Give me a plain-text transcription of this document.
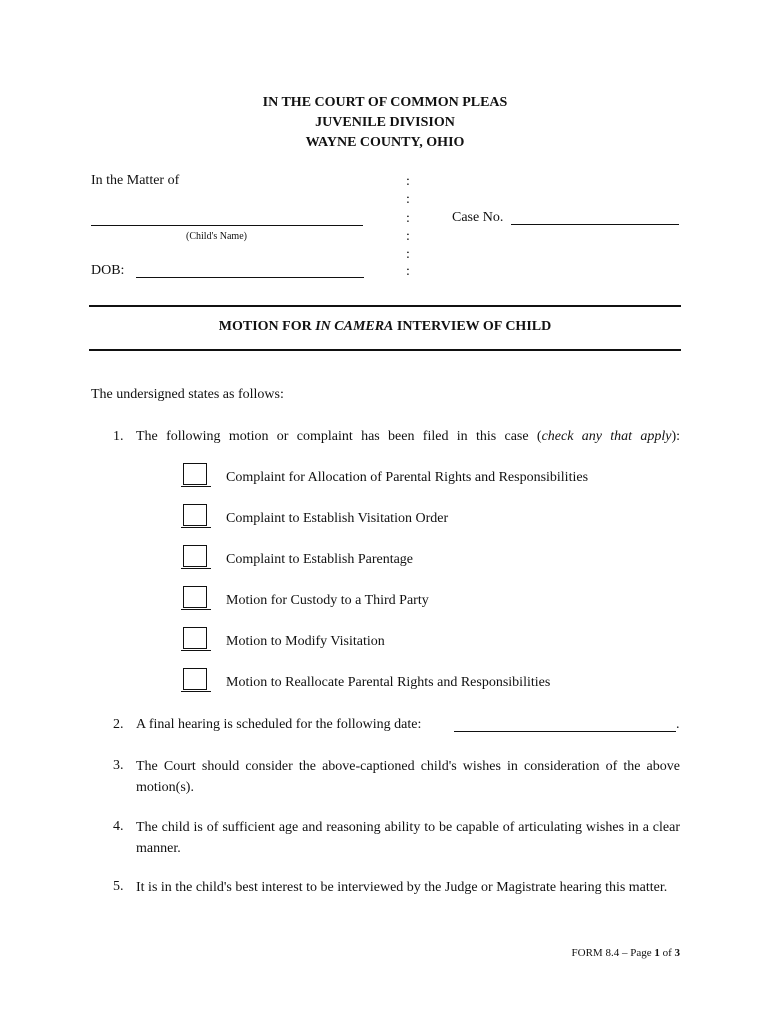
IN THE COURT OF COMMON PLEAS
JUVENILE DIVISION
WAYNE COUNTY, OHIO
In the Matter of
(Child's Name)
DOB:
:
:
:
:
:
:
Case No.
MOTION FOR IN CAMERA INTERVIEW OF CHILD
The undersigned states as follows:
1. The following motion or complaint has been filed in this case (check any that apply):
Complaint for Allocation of Parental Rights and Responsibilities
Complaint to Establish Visitation Order
Complaint to Establish Parentage
Motion for Custody to a Third Party
Motion to Modify Visitation
Motion to Reallocate Parental Rights and Responsibilities
2. A final hearing is scheduled for the following date:	.
3. The Court should consider the above-captioned child's wishes in consideration of the above motion(s).
4. The child is of sufficient age and reasoning ability to be capable of articulating wishes in a clear manner.
5. It is in the child's best interest to be interviewed by the Judge or Magistrate hearing this matter.
FORM 8.4 – Page 1 of 3
